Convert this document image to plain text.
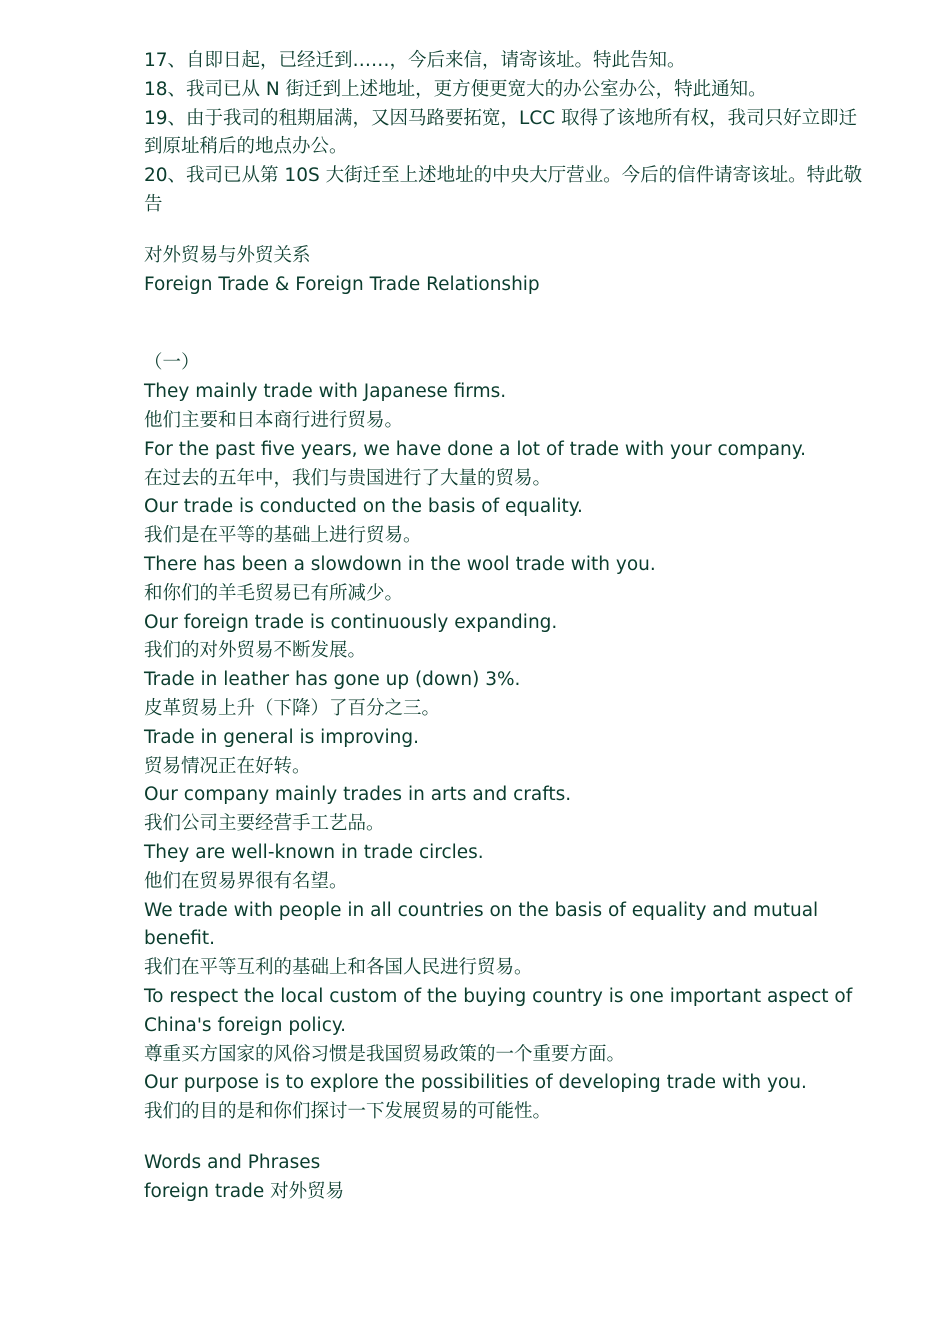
17、自即日起，已经迁到……，今后来信，请寄该址。特此告知。
18、我司已从 N 街迁到上述地址，更方便更宽大的办公室办公，特此通知。
19、由于我司的租期届满，又因马路要拓宽，LCC 取得了该地所有权，我司只好立即迁到原址稍后的地点办公。
20、我司已从第 10S 大街迁至上述地址的中央大厅营业。今后的信件请寄该址。特此敬告
对外贸易与外贸关系
Foreign Trade & Foreign Trade Relationship
（一）
They mainly trade with Japanese firms.
他们主要和日本商行进行贸易。
For the past five years, we have done a lot of trade with your company.
在过去的五年中，我们与贵国进行了大量的贸易。
Our trade is conducted on the basis of equality.
我们是在平等的基础上进行贸易。
There has been a slowdown in the wool trade with you.
和你们的羊毛贸易已有所减少。
Our foreign trade is continuously expanding.
我们的对外贸易不断发展。
Trade in leather has gone up (down) 3%.
皮革贸易上升（下降）了百分之三。
Trade in general is improving.
贸易情况正在好转。
Our company mainly trades in arts and crafts.
我们公司主要经营手工艺品。
They are well-known in trade circles.
他们在贸易界很有名望。
We trade with people in all countries on the basis of equality and mutual benefit.
我们在平等互利的基础上和各国人民进行贸易。
To respect the local custom of the buying country is one important aspect of China's foreign policy.
尊重买方国家的风俗习惯是我国贸易政策的一个重要方面。
Our purpose is to explore the possibilities of developing trade with you.
我们的目的是和你们探讨一下发展贸易的可能性。
Words and Phrases
foreign trade 对外贸易
